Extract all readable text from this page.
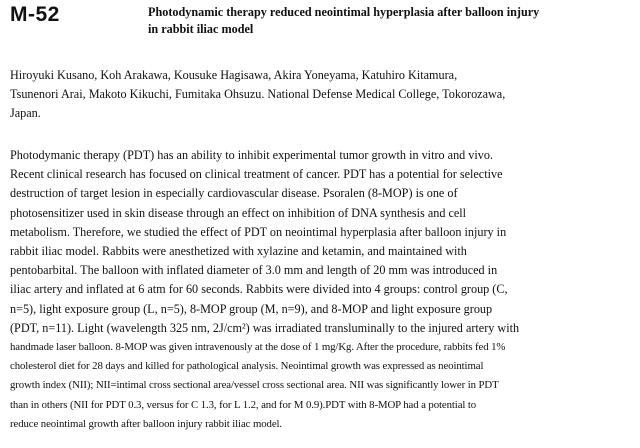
M-52	Photodynamic therapy reduced neointimal hyperplasia after balloon injury
in rabbit iliac model
Hiroyuki Kusano, Koh Arakawa, Kousuke Hagisawa, Akira Yoneyama, Katuhiro Kitamura,
Tsunenori Arai, Makoto Kikuchi, Fumitaka Ohsuzu. National Defense Medical College, Tokorozawa,
Japan.
Photodymanic therapy (PDT) has an ability to inhibit experimental tumor growth in vitro and vivo.
Recent clinical research has focused on clinical treatment of cancer. PDT has a potential for selective
destruction of target lesion in especially cardiovascular disease. Psoralen (8-MOP) is one of
photosensitizer used in skin disease through an effect on inhibition of DNA synthesis and cell
metabolism. Therefore, we studied the effect of PDT on neointimal hyperplasia after balloon injury in
rabbit iliac model. Rabbits were anesthetized with xylazine and ketamin, and maintained with
pentobarbital. The balloon with inflated diameter of 3.0 mm and length of 20 mm was introduced in
iliac artery and inflated at 6 atm for 60 seconds. Rabbits were divided into 4 groups: control group (C,
n=5), light exposure group (L, n=5), 8-MOP group (M, n=9), and 8-MOP and light exposure group
(PDT, n=11). Light (wavelength 325 nm, 2J/cm²) was irradiated transluminally to the injured artery with
handmade laser balloon. 8-MOP was given intravenously at the dose of 1 mg/Kg. After the procedure, rabbits fed 1%
cholesterol diet for 28 days and killed for pathological analysis. Neointimal growth was expressed as neointimal
growth index (NII); NII=intimal cross sectional area/vessel cross sectional area. NII was significantly lower in PDT
than in others (NII for PDT 0.3, versus for C 1.3, for L 1.2, and for M 0.9).PDT with 8-MOP had a potential to
reduce neointimal growth after balloon injury rabbit iliac model.
